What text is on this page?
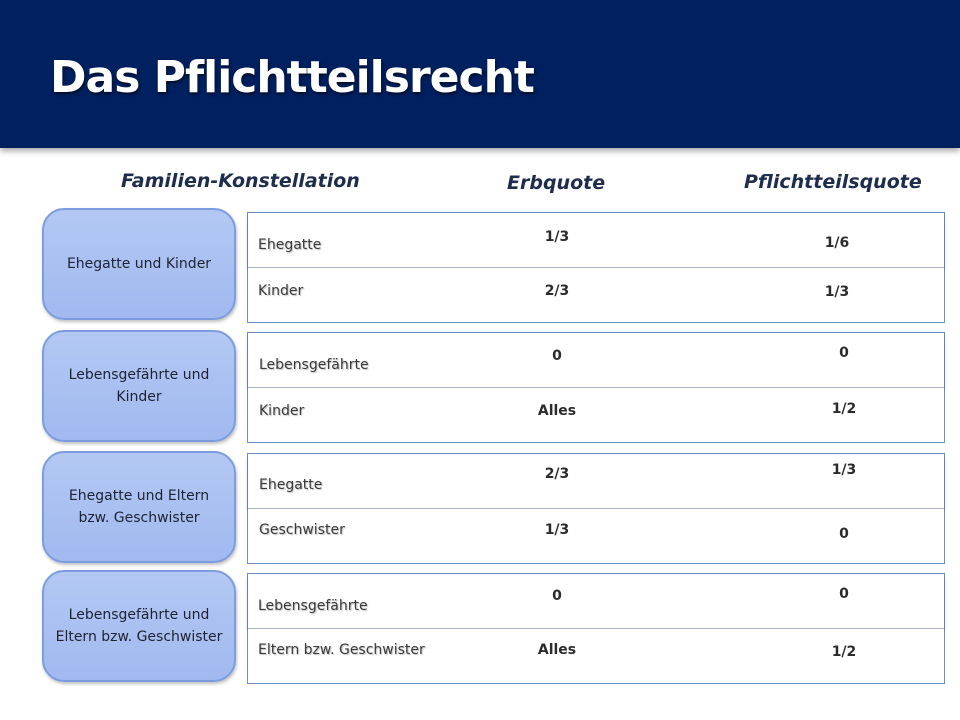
Das Pflichtteilsrecht
Familien-Konstellation	Erbquote	Pflichtteilsquote
Ehegatte und Kinder
Ehegatte
Kinder
1/3
2/3
1/6
1/3
Lebensgefährte und Kinder
Lebensgefährte
Kinder
0
Alles
0
1/2
Ehegatte und Eltern bzw. Geschwister
Ehegatte
Geschwister
2/3
1/3
1/3
0
Lebensgefährte und Eltern bzw. Geschwister
Lebensgefährte
Eltern bzw. Geschwister
0
Alles
0
1/2
